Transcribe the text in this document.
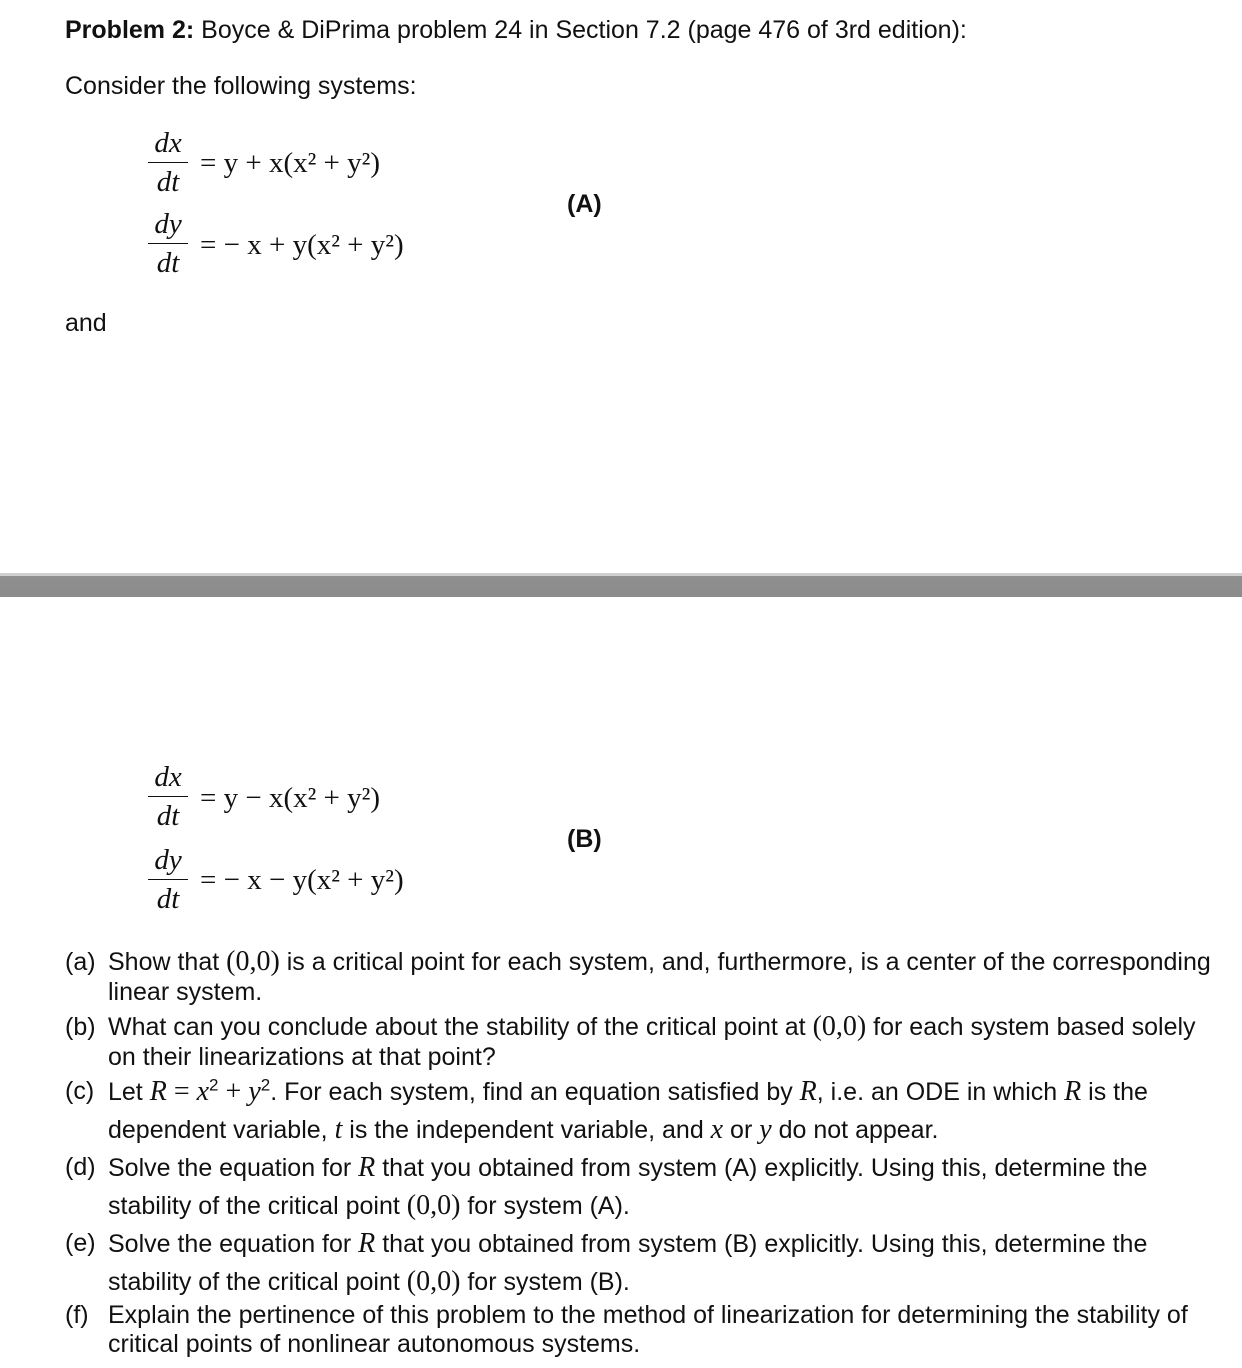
Problem 2: Boyce & DiPrima problem 24 in Section 7.2 (page 476 of 3rd edition):
Consider the following systems:
$\frac{dx}{dt} = y + x(x^2 + y^2)$
$\frac{dy}{dt}$ = − x + y(x² + y²)
(A)
and
$\frac{dx}{dt} = y - x(x^2 + y^2)$
$\frac{dy}{dt}$ = − x − y(x² + y²)
(B)

(a) Show that (0,0) is a critical point for each system, and, furthermore, is a center of the corresponding linear system.

(b) What can you conclude about the stability of the critical point at (0,0) for each system based solely on their linearizations at that point?

(c) Let $R = x^2 + y^2$. For each system, find an equation satisfied by R, i.e. an ODE in which R is the dependent variable, t is the independent variable, and x or y do not appear.

(d) Solve the equation for R that you obtained from system (A) explicitly. Using this, determine the stability of the critical point (0,0) for system (A).

(e) Solve the equation for R that you obtained from system (B) explicitly. Using this, determine the stability of the critical point (0,0) for system (B).

(f) Explain the pertinence of this problem to the method of linearization for determining the stability of critical points of nonlinear autonomous systems.
